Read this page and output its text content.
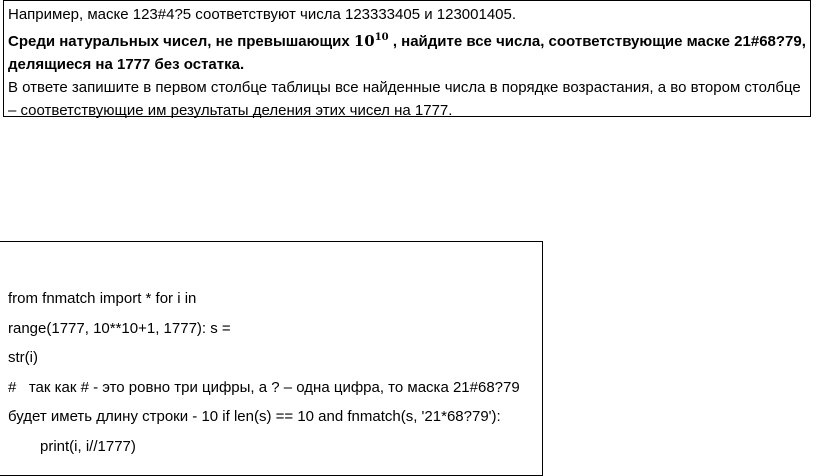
Например, маске 123#4?5 соответствуют числа 123333405 и 123001405.
Среди натуральных чисел, не превышающих $10^{10}$ , найдите все числа, соответствующие маске 21#68?79,
делящиеся на 1777 без остатка.
В ответе запишите в первом столбце таблицы все найденные числа в порядке возрастания, а во втором столбце
– соответствующие им результаты деления этих чисел на 1777.
from fnmatch import * for i in
range(1777, 10**10+1, 1777): s =
str(i)
#   так как # - это ровно три цифры, а ? – одна цифра, то маска 21#68?79
будет иметь длину строки - 10 if len(s) == 10 and fnmatch(s, '21*68?79'):
print(i, i//1777)
